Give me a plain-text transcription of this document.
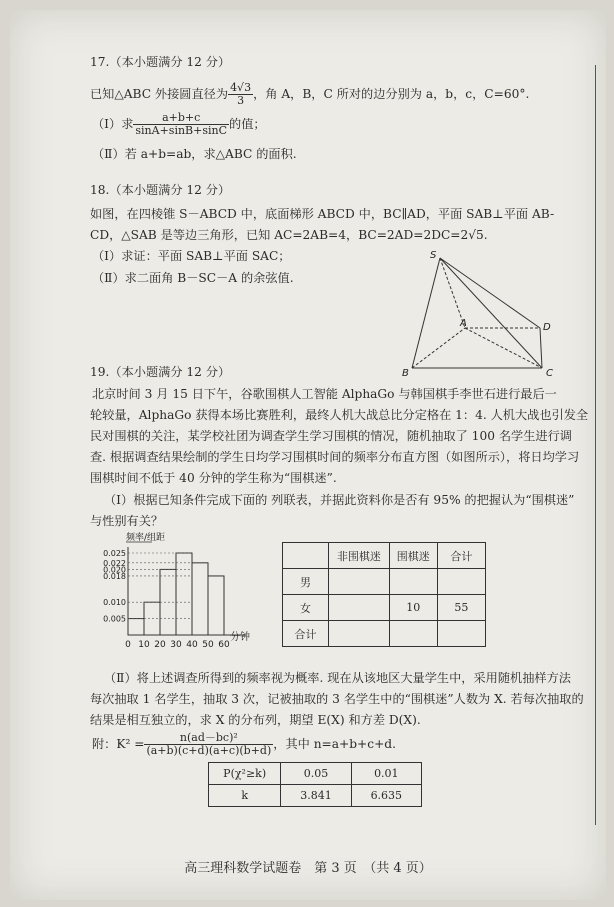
17.（本小题满分 12 分）
已知△ABC 外接圆直径为 $\frac{4√3}{3}$ ，角 A，B，C 所对的边分别为 a，b，c，C=60°.
（Ⅰ）求 $\frac{a+b+c}{\sin A+\sin B+\sin C}$ 的值；
（Ⅱ）若 a+b=ab，求△ABC 的面积.
18.（本小题满分 12 分）
如图，在四棱锥 S－ABCD 中，底面梯形 ABCD 中，BC∥AD，平面 SAB⊥平面 AB-
CD，△SAB 是等边三角形，已知 AC=2AB=4，BC=2AD=2DC=2√5.
（Ⅰ）求证：平面 SAB⊥平面 SAC；
（Ⅱ）求二面角 B－SC－A 的余弦值.
S
A
B	C
D
19.（本小题满分 12 分）
北京时间 3 月 15 日下午，谷歌围棋人工智能 AlphaGo 与韩国棋手李世石进行最后一
轮较量，AlphaGo 获得本场比赛胜利，最终人机大战总比分定格在 1：4. 人机大战也引发全
民对围棋的关注，某学校社团为调查学生学习围棋的情况，随机抽取了 100 名学生进行调
查. 根据调查结果绘制的学生日均学习围棋时间的频率分布直方图（如图所示），将日均学习
围棋时间不低于 40 分钟的学生称为“围棋迷”.
（Ⅰ）根据已知条件完成下面的 列联表，并据此资料你是否有 95% 的把握认为“围棋迷”
与性别有关？
频率/组距
分钟
0.005
0.010
0.018
0.020
0.022
0.025
0 10 20 30 40 50 60
	非围棋迷	围棋迷	合计
男			
女		10	55
合计			
（Ⅱ）将上述调查所得到的频率视为概率. 现在从该地区大量学生中，采用随机抽样方法
每次抽取 1 名学生，抽取 3 次，记被抽取的 3 名学生中的“围棋迷”人数为 X. 若每次抽取的
结果是相互独立的，求 X 的分布列，期望 E(X) 和方差 D(X).
附：$K^2 = \frac{\text{n(ad－bc)²}}{(a+b)(c+d)(a+c)(b+d)}$ ，其中 n=a+b+c+d.
P(χ²≥k)	0.05	0.01
k	3.841	6.635
高三理科数学试题卷　第 3 页　（共 4 页）
